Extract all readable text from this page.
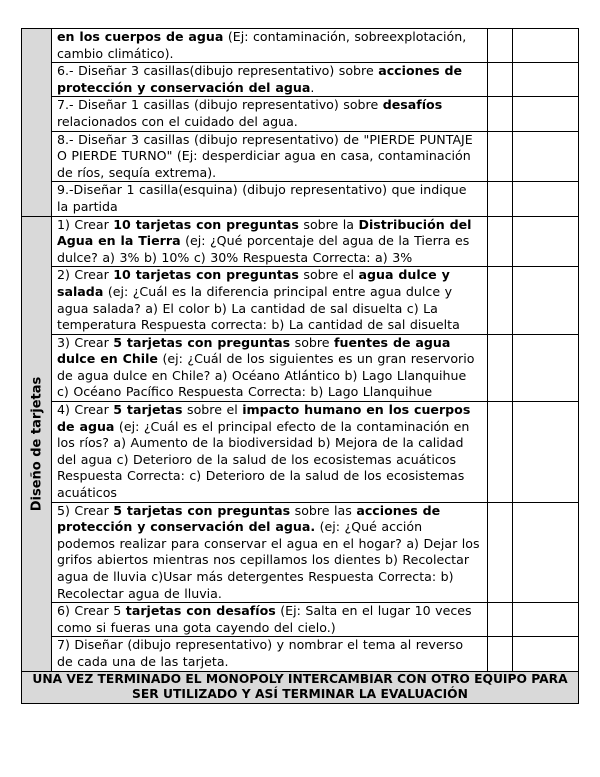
	en los cuerpos de agua (Ej: contaminación, sobreexplotación, cambio climático).		

	6.- Diseñar 3 casillas(dibujo representativo) sobre acciones de protección y conservación del agua.		

	7.- Diseñar 1 casillas (dibujo representativo) sobre desafíos relacionados con el cuidado del agua.		

	8.- Diseñar 3 casillas (dibujo representativo) de "PIERDE PUNTAJE O PIERDE TURNO" (Ej: desperdiciar agua en casa, contaminación de ríos, sequía extrema).		

	9.-Diseñar 1 casilla(esquina) (dibujo representativo) que indique la partida		

Diseño de tarjetas	1) Crear 10 tarjetas con preguntas sobre la Distribución del Agua en la Tierra (ej: ¿Qué porcentaje del agua de la Tierra es dulce? a) 3% b) 10% c) 30% Respuesta Correcta: a) 3%		

	2) Crear 10 tarjetas con preguntas sobre el agua dulce y salada (ej: ¿Cuál es la diferencia principal entre agua dulce y agua salada? a) El color b) La cantidad de sal disuelta c) La temperatura Respuesta correcta: b) La cantidad de sal disuelta		

	3) Crear 5 tarjetas con preguntas sobre fuentes de agua dulce en Chile (ej: ¿Cuál de los siguientes es un gran reservorio de agua dulce en Chile? a) Océano Atlántico b) Lago Llanquihue c) Océano Pacífico Respuesta Correcta: b) Lago Llanquihue		

	4) Crear 5 tarjetas sobre el impacto humano en los cuerpos de agua (ej: ¿Cuál es el principal efecto de la contaminación en los ríos? a) Aumento de la biodiversidad b) Mejora de la calidad del agua c) Deterioro de la salud de los ecosistemas acuáticos Respuesta Correcta: c) Deterioro de la salud de los ecosistemas acuáticos		

	5) Crear 5 tarjetas con preguntas sobre las acciones de protección y conservación del agua. (ej: ¿Qué acción podemos realizar para conservar el agua en el hogar? a) Dejar los grifos abiertos mientras nos cepillamos los dientes b) Recolectar agua de lluvia c)Usar más detergentes Respuesta Correcta: b) Recolectar agua de lluvia.		

	6) Crear 5 tarjetas con desafíos (Ej: Salta en el lugar 10 veces como si fueras una gota cayendo del cielo.)		

	7) Diseñar (dibujo representativo) y nombrar el tema al reverso de cada una de las tarjeta.		

UNA VEZ TERMINADO EL MONOPOLY INTERCAMBIAR CON OTRO EQUIPO PARA SER UTILIZADO Y ASÍ TERMINAR LA EVALUACIÓN			
